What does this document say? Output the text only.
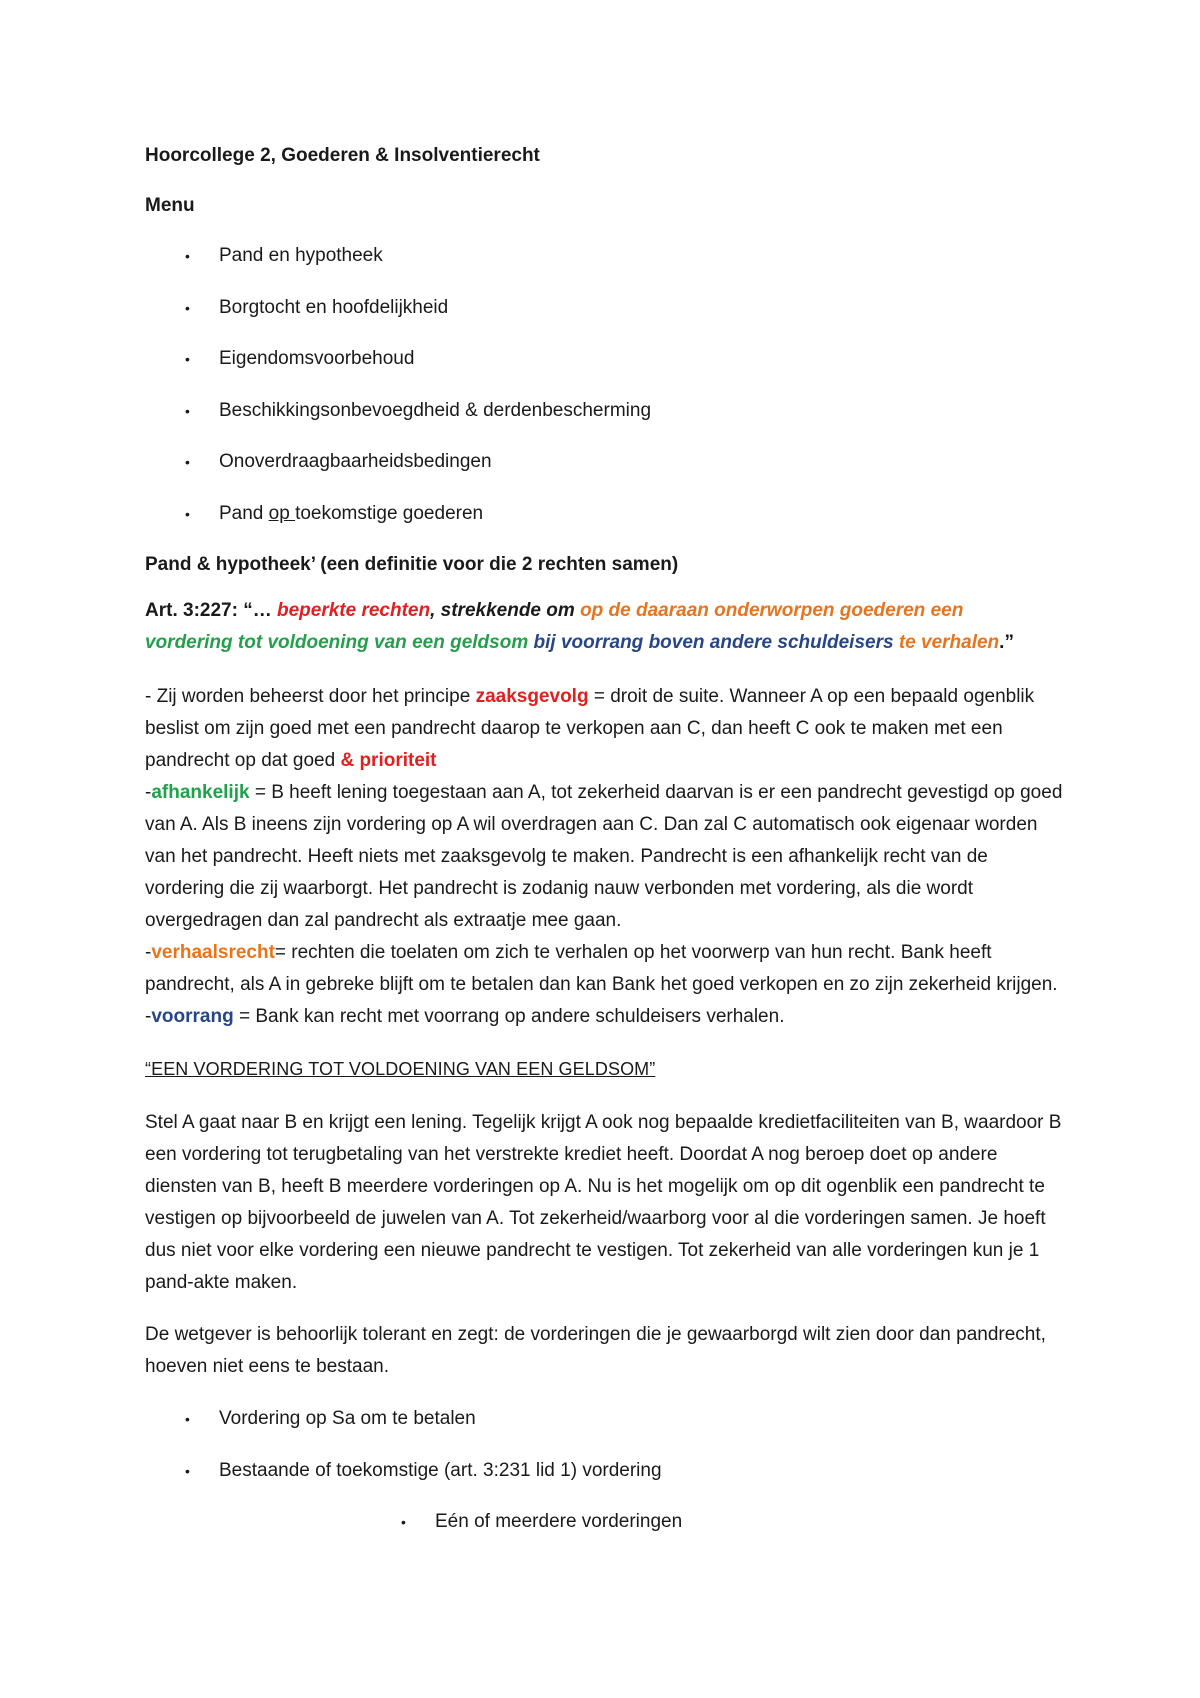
Hoorcollege 2, Goederen & Insolventierecht

Menu

• Pand en hypotheek
• Borgtocht en hoofdelijkheid
• Eigendomsvoorbehoud
• Beschikkingsonbevoegdheid & derdenbescherming
• Onoverdraagbaarheidsbedingen
• Pand op toekomstige goederen

Pand & hypotheek’ (een definitie voor die 2 rechten samen)

Art. 3:227: “… beperkte rechten, strekkende om op de daaraan onderworpen goederen een
vordering tot voldoening van een geldsom bij voorrang boven andere schuldeisers te verhalen.”

- Zij worden beheerst door het principe zaaksgevolg = droit de suite. Wanneer A op een bepaald ogenblik beslist om zijn goed met een pandrecht daarop te verkopen aan C, dan heeft C ook te maken met een pandrecht op dat goed & prioriteit

-afhankelijk = B heeft lening toegestaan aan A, tot zekerheid daarvan is er een pandrecht gevestigd op goed van A. Als B ineens zijn vordering op A wil overdragen aan C. Dan zal C automatisch ook eigenaar worden van het pandrecht. Heeft niets met zaaksgevolg te maken. Pandrecht is een afhankelijk recht van de vordering die zij waarborgt. Het pandrecht is zodanig nauw verbonden met vordering, als die wordt overgedragen dan zal pandrecht als extraatje mee gaan.

-verhaalsrecht= rechten die toelaten om zich te verhalen op het voorwerp van hun recht. Bank heeft pandrecht, als A in gebreke blijft om te betalen dan kan Bank het goed verkopen en zo zijn zekerheid krijgen.

-voorrang = Bank kan recht met voorrang op andere schuldeisers verhalen.

“EEN VORDERING TOT VOLDOENING VAN EEN GELDSOM”

Stel A gaat naar B en krijgt een lening. Tegelijk krijgt A ook nog bepaalde kredietfaciliteiten van B, waardoor B een vordering tot terugbetaling van het verstrekte krediet heeft. Doordat A nog beroep doet op andere diensten van B, heeft B meerdere vorderingen op A. Nu is het mogelijk om op dit ogenblik een pandrecht te vestigen op bijvoorbeeld de juwelen van A. Tot zekerheid/waarborg voor al die vorderingen samen. Je hoeft dus niet voor elke vordering een nieuwe pandrecht te vestigen. Tot zekerheid van alle vorderingen kun je 1 pand-akte maken.

De wetgever is behoorlijk tolerant en zegt: de vorderingen die je gewaarborgd wilt zien door dan pandrecht, hoeven niet eens te bestaan.

• Vordering op Sa om te betalen
• Bestaande of toekomstige (art. 3:231 lid 1) vordering
• Eén of meerdere vorderingen
